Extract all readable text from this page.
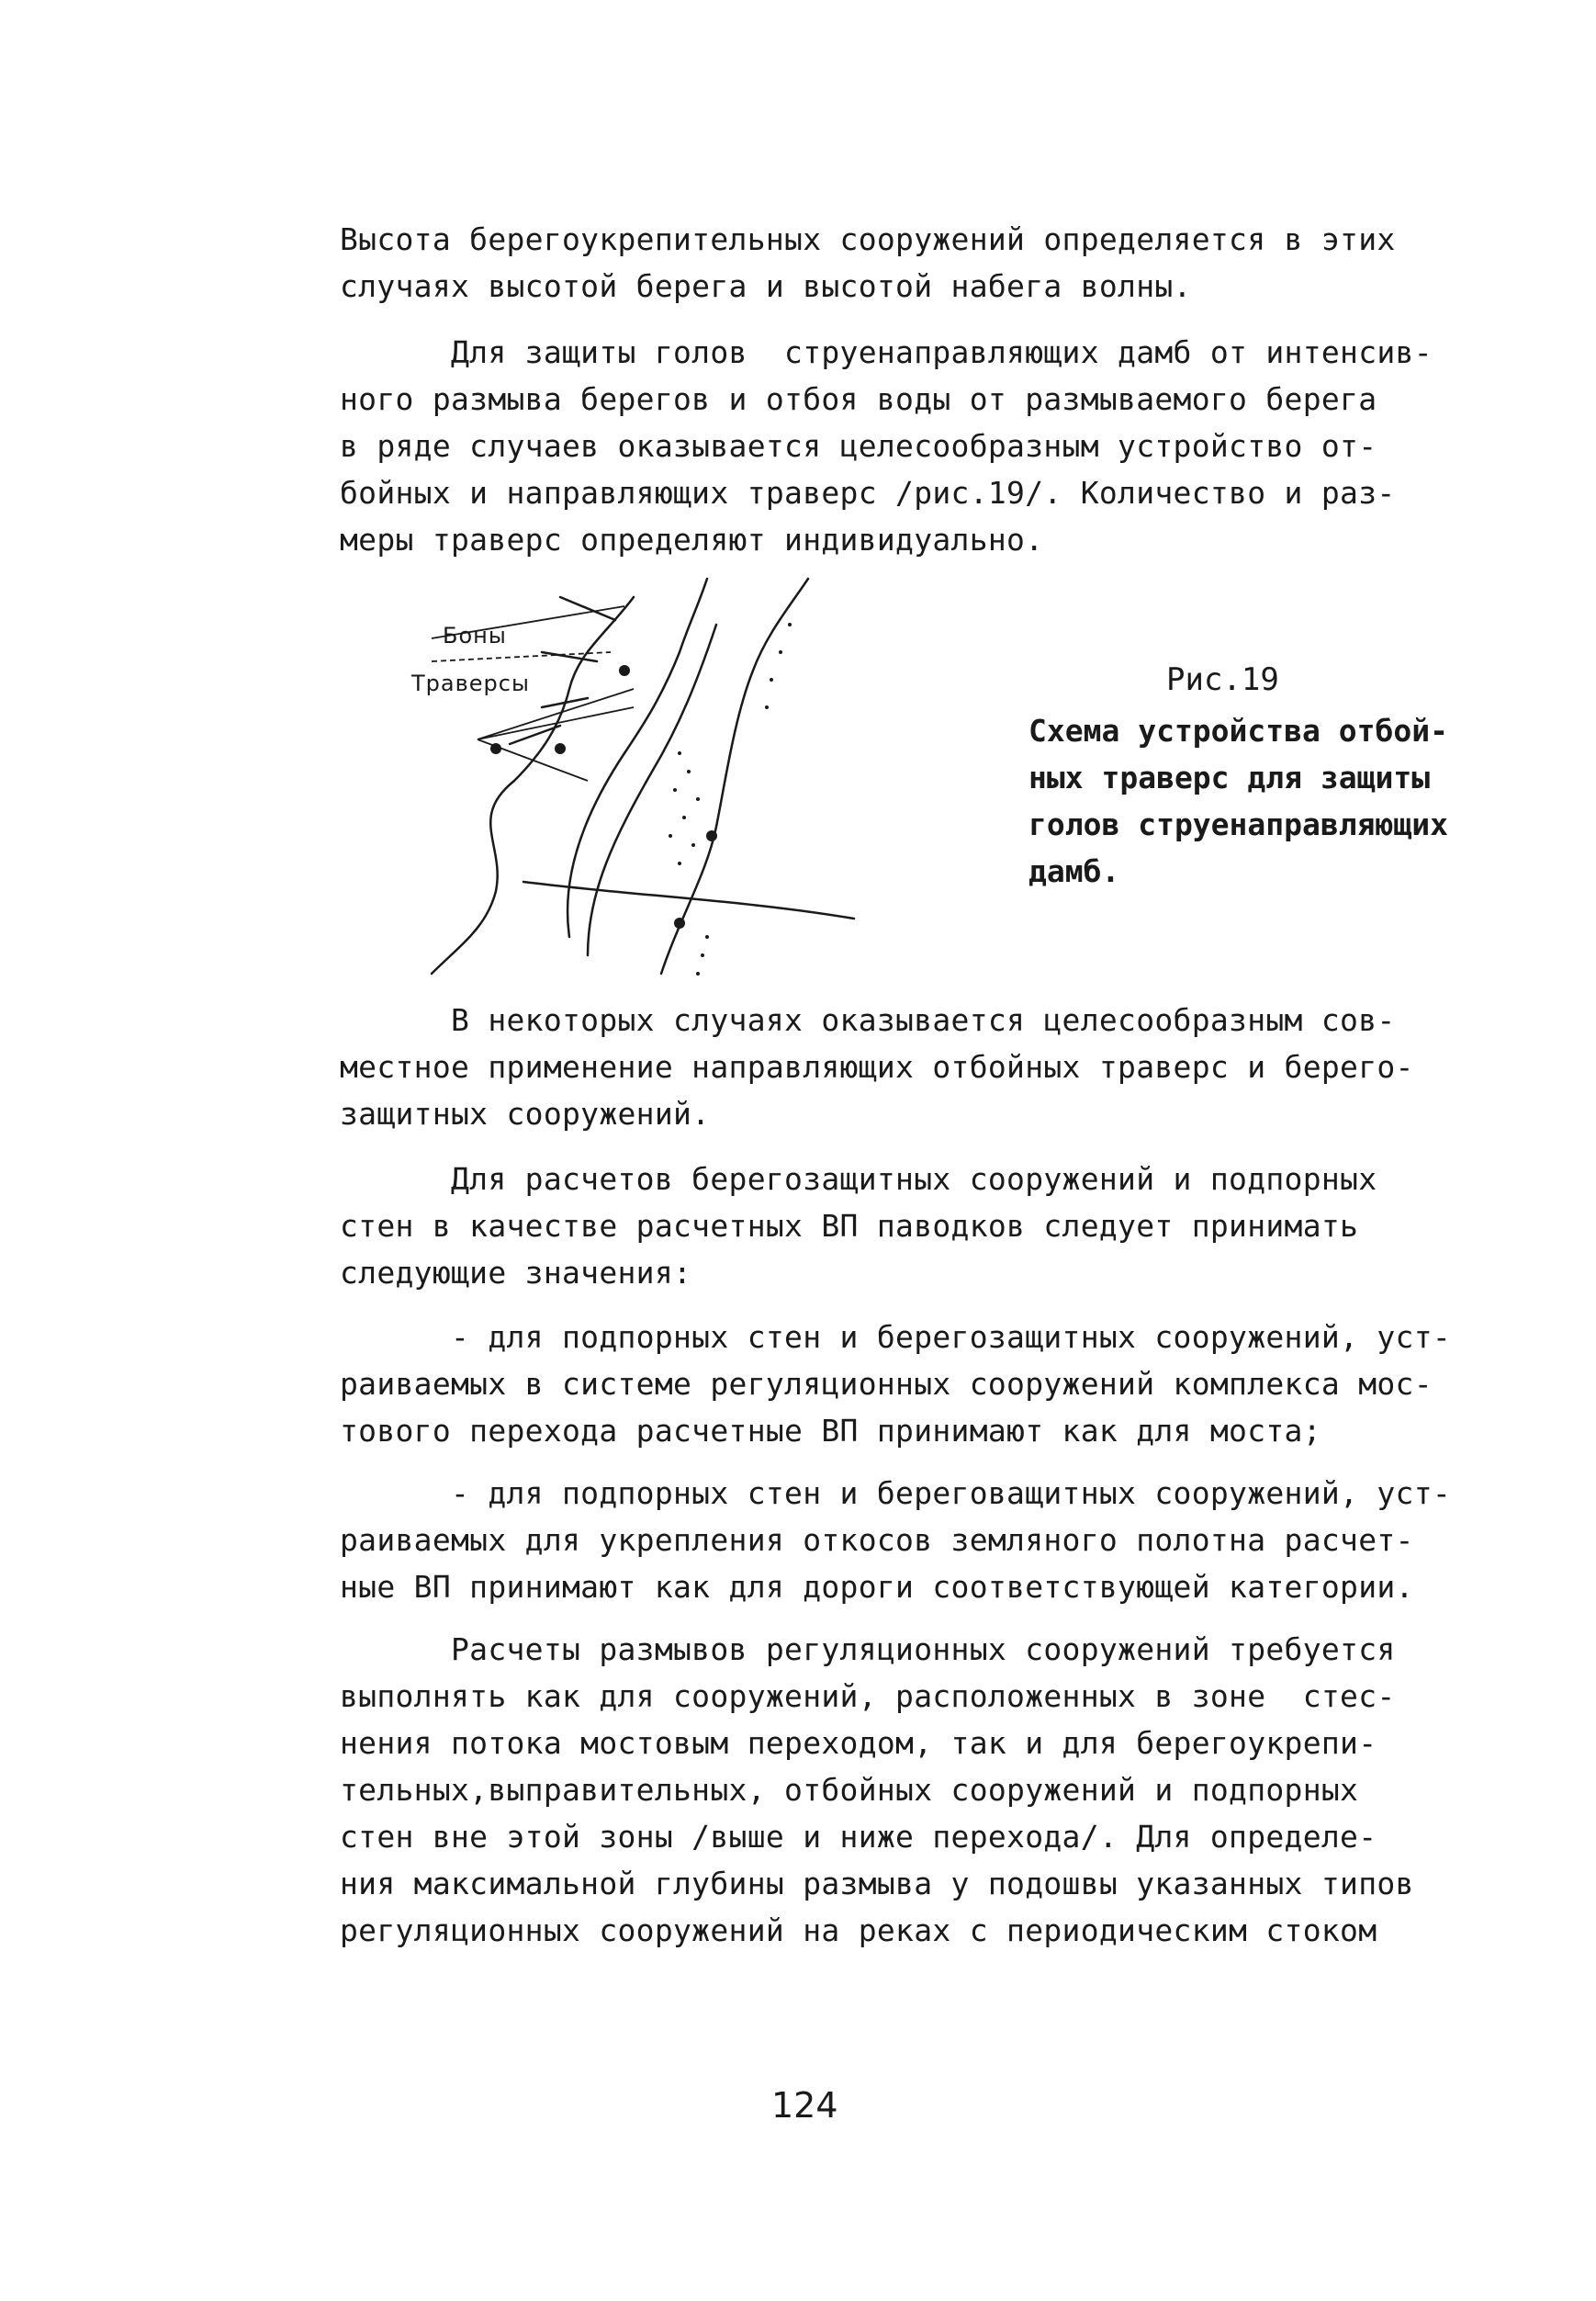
Высота берегоукрепительных сооружений определяется в этих
случаях высотой берега и высотой набега волны.

Для защиты голов  струенаправляющих дамб от интенсив-
ного размыва берегов и отбоя воды от размываемого берега
в ряде случаев оказывается целесообразным устройство от-
бойных и направляющих траверс /рис.19/. Количество и раз-
меры траверс определяют индивидуально.

Боны
Траверсы	Рис.19
Схема устройства отбой-
ных траверс для защиты
голов струенаправляющих
дамб.

В некоторых случаях оказывается целесообразным сов-
местное применение направляющих отбойных траверс и берего-
защитных сооружений.

Для расчетов берегозащитных сооружений и подпорных
стен в качестве расчетных ВП паводков следует принимать
следующие значения:

- для подпорных стен и берегозащитных сооружений, уст-
раиваемых в системе регуляционных сооружений комплекса мос-
тового перехода расчетные ВП принимают как для моста;

- для подпорных стен и береговащитных сооружений, уст-
раиваемых для укрепления откосов земляного полотна расчет-
ные ВП принимают как для дороги соответствующей категории.

Расчеты размывов регуляционных сооружений требуется
выполнять как для сооружений, расположенных в зоне  стес-
нения потока мостовым переходом, так и для берегоукрепи-
тельных,выправительных, отбойных сооружений и подпорных
стен вне этой зоны /выше и ниже перехода/. Для определе-
ния максимальной глубины размыва у подошвы указанных типов
регуляционных сооружений на реках с периодическим стоком

124
